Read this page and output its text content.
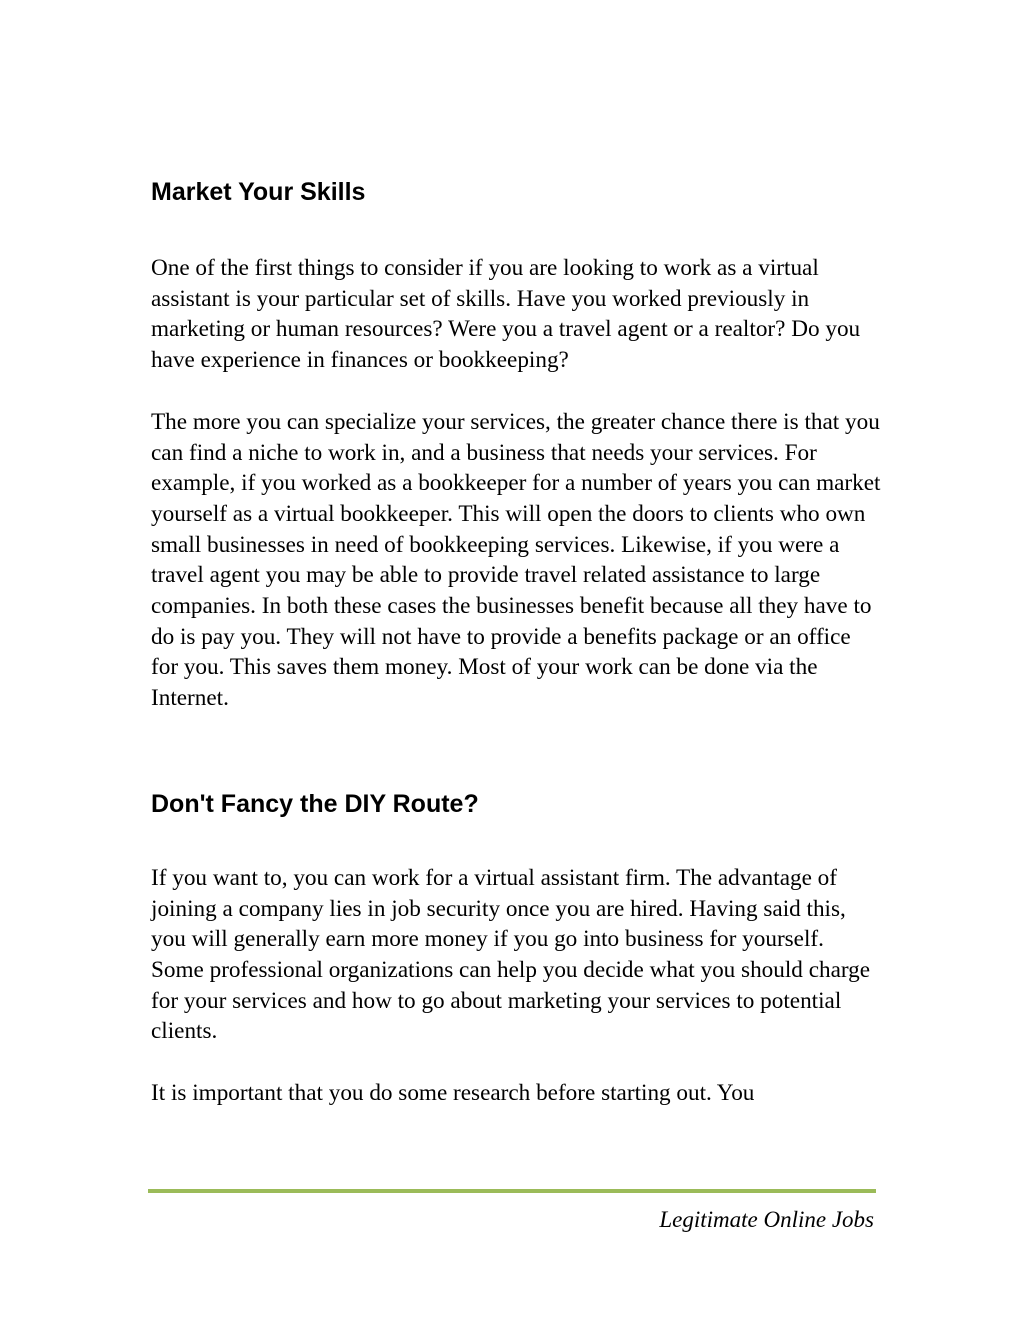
Market Your Skills

One of the first things to consider if you are looking to work as a virtual assistant is your particular set of skills. Have you worked previously in marketing or human resources? Were you a travel agent or a realtor? Do you have experience in finances or bookkeeping?

The more you can specialize your services, the greater chance there is that you can find a niche to work in, and a business that needs your services. For example, if you worked as a bookkeeper for a number of years you can market yourself as a virtual bookkeeper. This will open the doors to clients who own small businesses in need of bookkeeping services. Likewise, if you were a travel agent you may be able to provide travel related assistance to large companies. In both these cases the businesses benefit because all they have to do is pay you. They will not have to provide a benefits package or an office for you. This saves them money. Most of your work can be done via the Internet.

Don't Fancy the DIY Route?

If you want to, you can work for a virtual assistant firm. The advantage of joining a company lies in job security once you are hired. Having said this, you will generally earn more money if you go into business for yourself. Some professional organizations can help you decide what you should charge for your services and how to go about marketing your services to potential clients.

It is important that you do some research before starting out. You

Legitimate Online Jobs
